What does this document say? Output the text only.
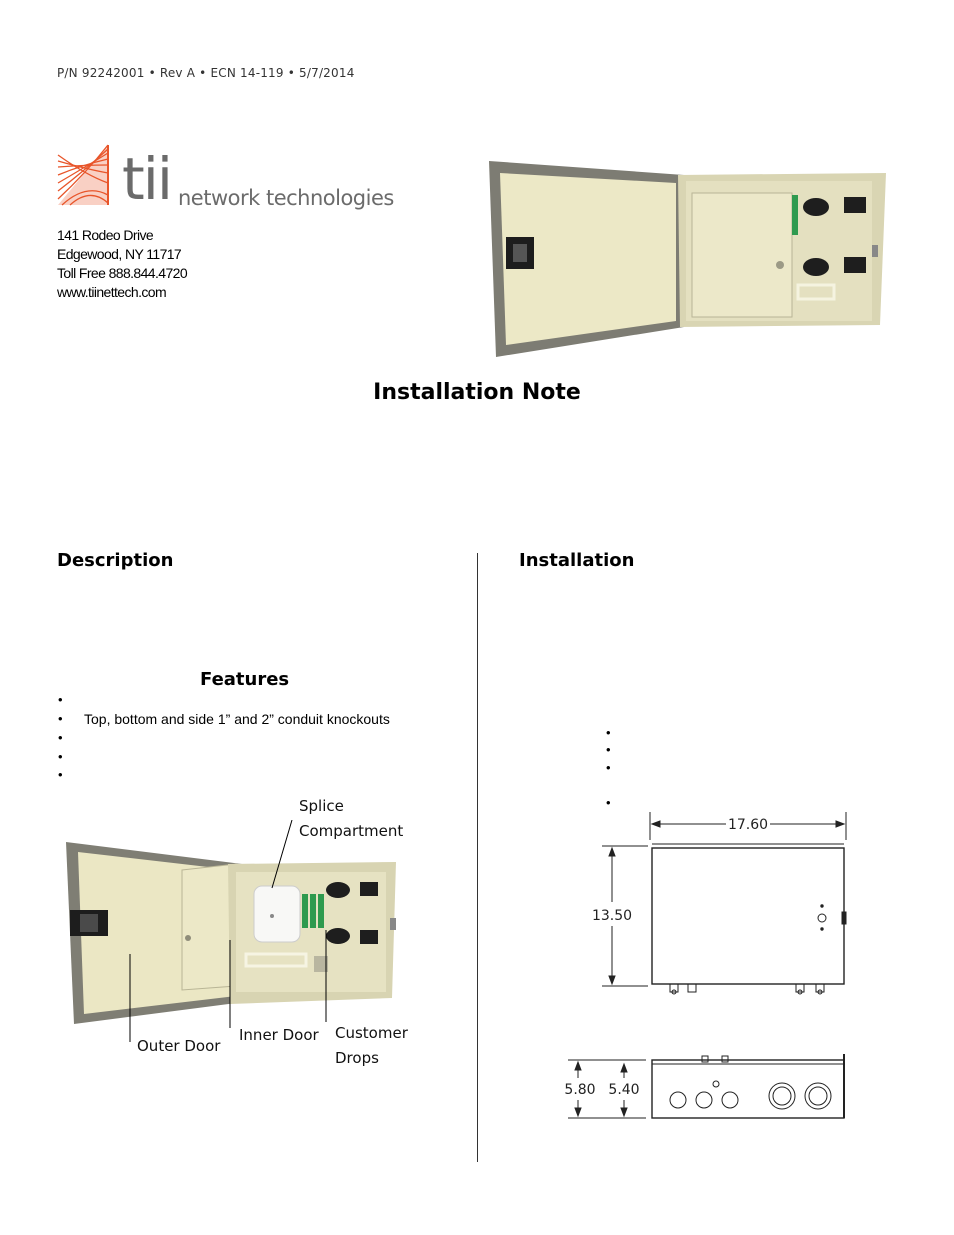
P/N 92242001 • Rev A • ECN 14-119 • 5/7/2014
tii network technologies
141 Rodeo Drive
Edgewood, NY 11717
Toll Free 888.844.4720
www.tiinettech.com
Installation Note
Description
Features
Top, bottom and side 1” and 2” conduit knockouts
Splice
Compartment
Outer Door
Inner Door Customer
Drops
Installation
17.60
13.50
5.80 5.40
